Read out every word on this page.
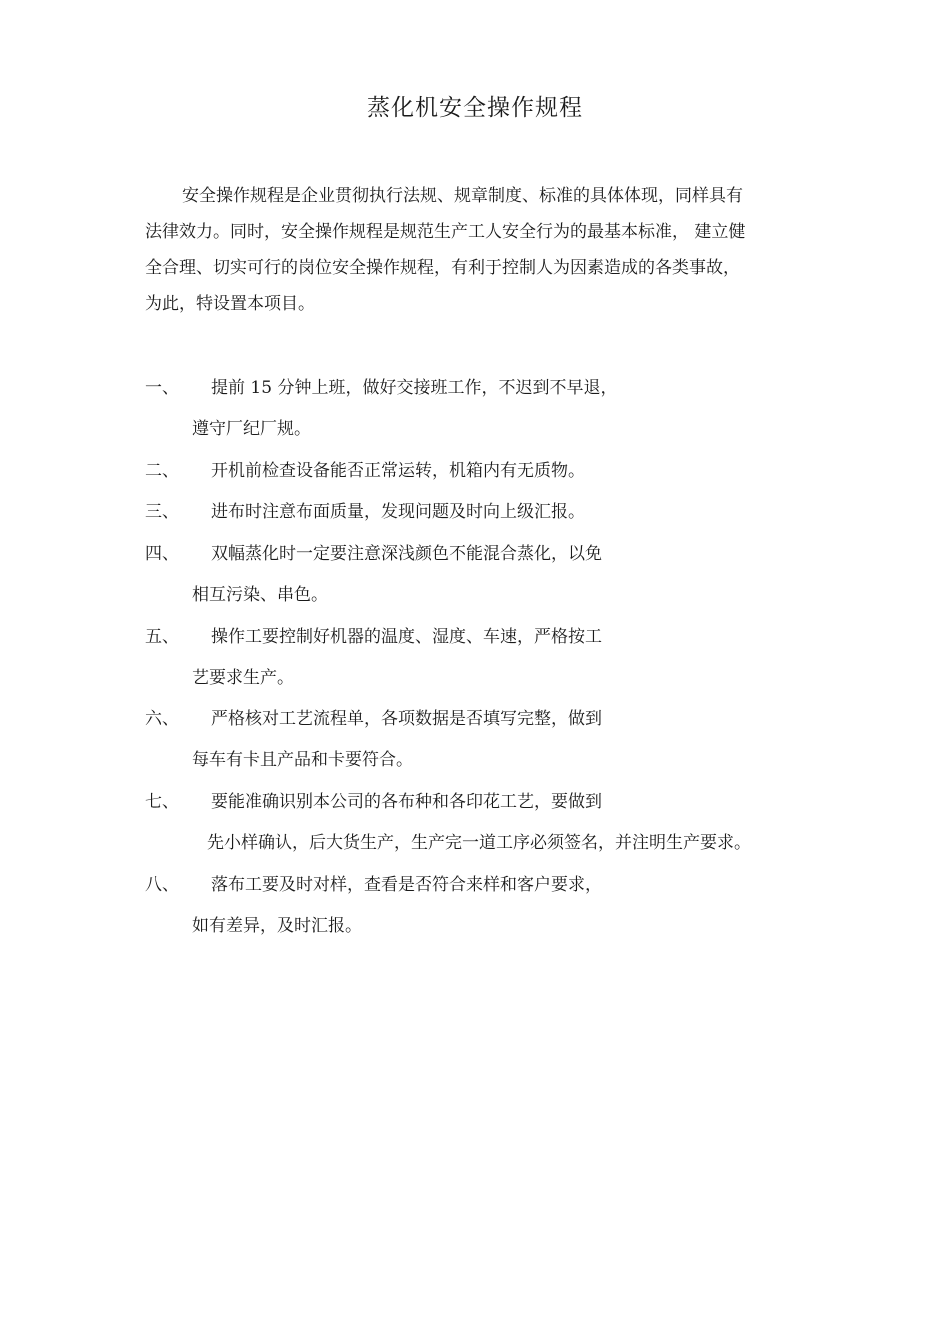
蒸化机安全操作规程
安全操作规程是企业贯彻执行法规、规章制度、标准的具体体现，同样具有
法律效力。同时，安全操作规程是规范生产工人安全行为的最基本标准， 建立健
全合理、切实可行的岗位安全操作规程，有利于控制人为因素造成的各类事故，
为此，特设置本项目。
一、	提前 15 分钟上班，做好交接班工作，不迟到不早退，
遵守厂纪厂规。
二、	开机前检查设备能否正常运转，机箱内有无质物。
三、	进布时注意布面质量，发现问题及时向上级汇报。
四、	双幅蒸化时一定要注意深浅颜色不能混合蒸化，以免
相互污染、串色。
五、	操作工要控制好机器的温度、湿度、车速，严格按工
艺要求生产。
六、	严格核对工艺流程单，各项数据是否填写完整，做到
每车有卡且产品和卡要符合。
七、	要能准确识别本公司的各布种和各印花工艺，要做到
先小样确认，后大货生产，生产完一道工序必须签名，并注明生产要求。
八、	落布工要及时对样，查看是否符合来样和客户要求，
如有差异，及时汇报。
